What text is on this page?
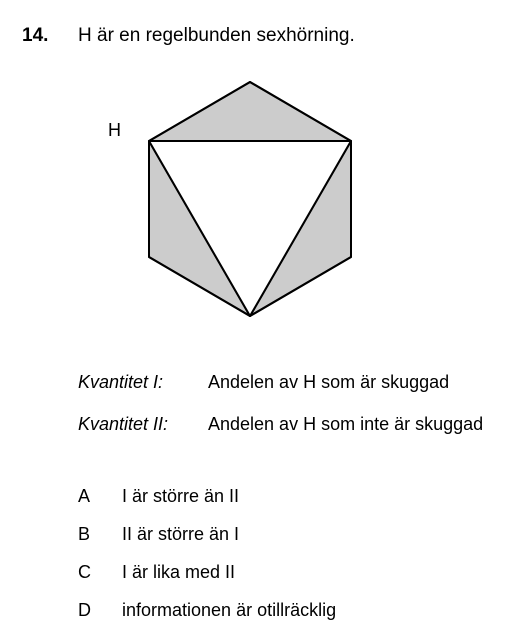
14. H är en regelbunden sexhörning.
H
Kvantitet I: Andelen av H som är skuggad
Kvantitet II: Andelen av H som inte är skuggad
A I är större än II
B II är större än I
C I är lika med II
D informationen är otillräcklig
